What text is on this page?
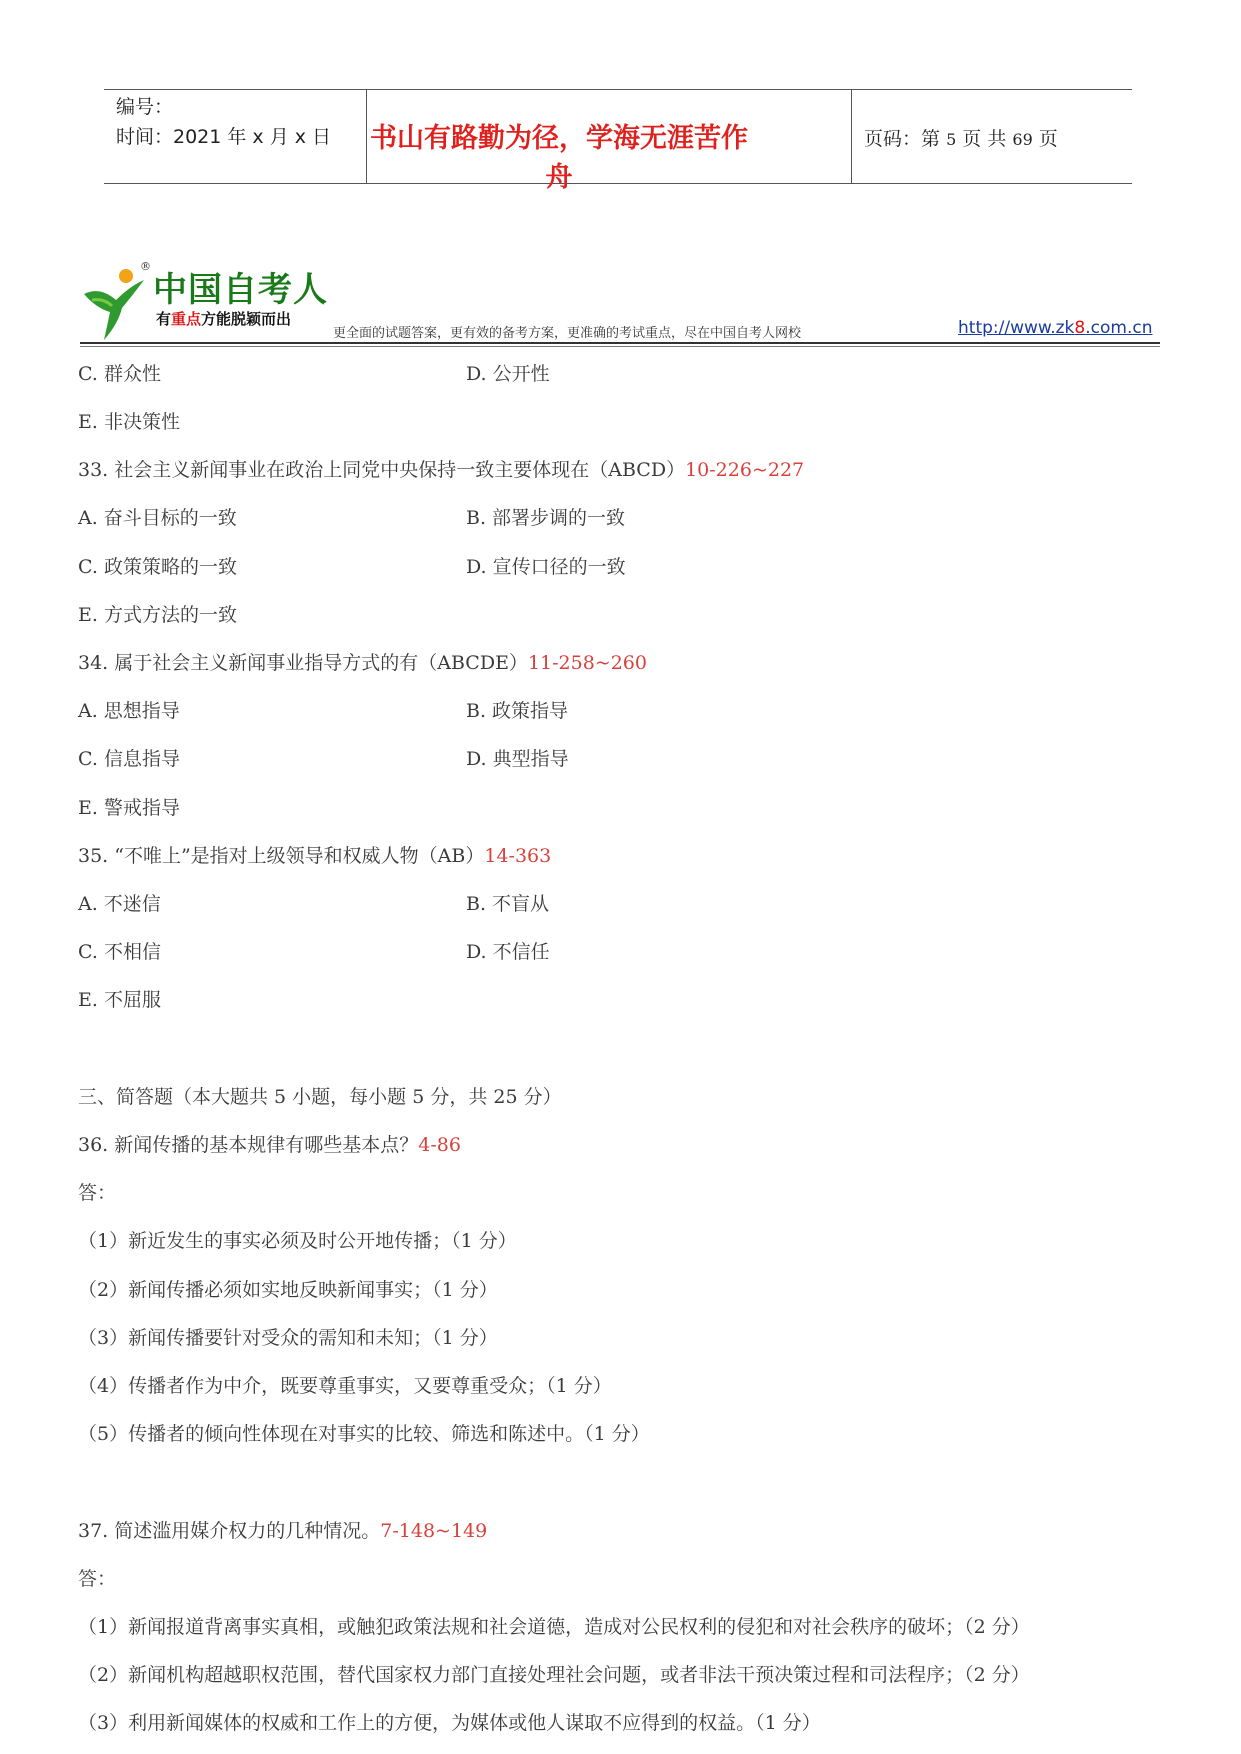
编号：
时间：2021 年 x 月 x 日	书山有路勤为径，学海无涯苦作舟
页码：第 5 页 共 69 页
中国自考人
®
有重点方能脱颖而出
更全面的试题答案，更有效的备考方案，更准确的考试重点，尽在中国自考人网校	http://www.zk8.com.cn
C. 群众性	D. 公开性
E. 非决策性
33. 社会主义新闻事业在政治上同党中央保持一致主要体现在（ABCD）10-226~227
A. 奋斗目标的一致	B. 部署步调的一致
C. 政策策略的一致	D. 宣传口径的一致
E. 方式方法的一致
34. 属于社会主义新闻事业指导方式的有（ABCDE）11-258~260
A. 思想指导	B. 政策指导
C. 信息指导	D. 典型指导
E. 警戒指导
35. “不唯上”是指对上级领导和权威人物（AB）14-363
A. 不迷信	B. 不盲从
C. 不相信	D. 不信任
E. 不屈服
三、简答题（本大题共 5 小题，每小题 5 分，共 25 分）
36. 新闻传播的基本规律有哪些基本点？4-86
答：
（1）新近发生的事实必须及时公开地传播；（1 分）
（2）新闻传播必须如实地反映新闻事实；（1 分）
（3）新闻传播要针对受众的需知和未知；（1 分）
（4）传播者作为中介，既要尊重事实，又要尊重受众；（1 分）
（5）传播者的倾向性体现在对事实的比较、筛选和陈述中。（1 分）
37. 简述滥用媒介权力的几种情况。7-148~149
答：
（1）新闻报道背离事实真相，或触犯政策法规和社会道德，造成对公民权利的侵犯和对社会秩序的破坏；（2 分）
（2）新闻机构超越职权范围，替代国家权力部门直接处理社会问题，或者非法干预决策过程和司法程序；（2 分）
（3）利用新闻媒体的权威和工作上的方便，为媒体或他人谋取不应得到的权益。（1 分）
